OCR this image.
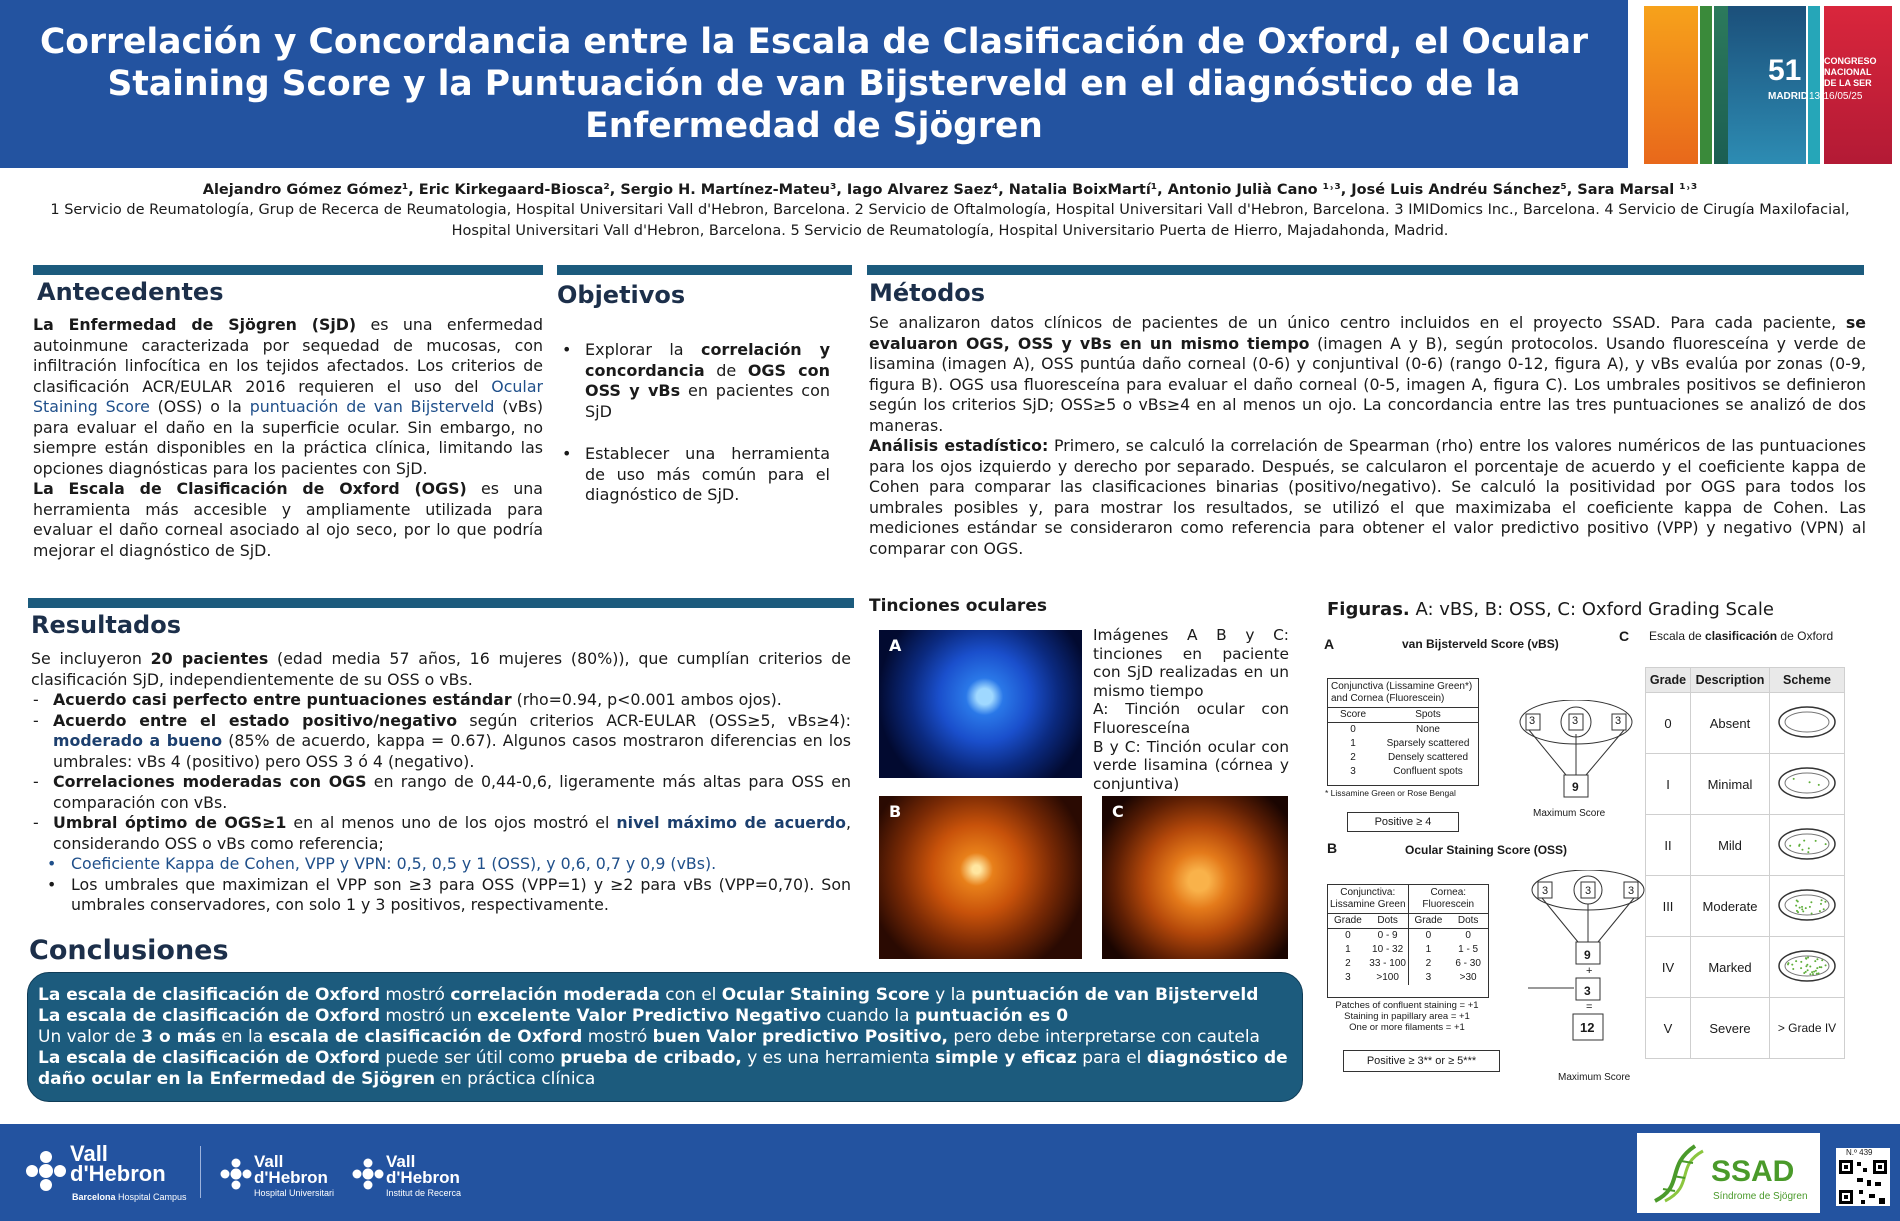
Correlación y Concordancia entre la Escala de Clasificación de Oxford, el Ocular Staining Score y la Puntuación de van Bijsterveld en el diagnóstico de la Enfermedad de Sjögren
51	CONGRESO
NACIONAL
DE LA SER
MADRID 13-16/05/25
Alejandro Gómez Gómez¹, Eric Kirkegaard-Biosca², Sergio H. Martínez-Mateu³, Iago Alvarez Saez⁴, Natalia BoixMartí¹, Antonio Julià Cano ¹˒³, José Luis Andréu Sánchez⁵, Sara Marsal ¹˒³
1 Servicio de Reumatología, Grup de Recerca de Reumatologia, Hospital Universitari Vall d'Hebron, Barcelona. 2 Servicio de Oftalmología, Hospital Universitari Vall d'Hebron, Barcelona. 3 IMIDomics Inc., Barcelona. 4 Servicio de Cirugía Maxilofacial, Hospital Universitari Vall d'Hebron, Barcelona. 5 Servicio de Reumatología, Hospital Universitario Puerta de Hierro, Majadahonda, Madrid.
Antecedentes
La Enfermedad de Sjögren (SjD) es una enfermedad autoinmune caracterizada por sequedad de mucosas, con infiltración linfocítica en los tejidos afectados. Los criterios de clasificación ACR/EULAR 2016 requieren el uso del Ocular Staining Score (OSS) o la puntuación de van Bijsterveld (vBs) para evaluar el daño en la superficie ocular. Sin embargo, no siempre están disponibles en la práctica clínica, limitando las opciones diagnósticas para los pacientes con SjD.
La Escala de Clasificación de Oxford (OGS) es una herramienta más accesible y ampliamente utilizada para evaluar el daño corneal asociado al ojo seco, por lo que podría mejorar el diagnóstico de SjD.
Objetivos
• Explorar la correlación y concordancia de OGS con OSS y vBs en pacientes con SjD
• Establecer una herramienta de uso más común para el diagnóstico de SjD.
Métodos
Se analizaron datos clínicos de pacientes de un único centro incluidos en el proyecto SSAD. Para cada paciente, se evaluaron OGS, OSS y vBs en un mismo tiempo (imagen A y B), según protocolos. Usando fluoresceína y verde de lisamina (imagen A), OSS puntúa daño corneal (0-6) y conjuntival (0-6) (rango 0-12, figura A), y vBs evalúa por zonas (0-9, figura B). OGS usa fluoresceína para evaluar el daño corneal (0-5, imagen A, figura C). Los umbrales positivos se definieron según los criterios SjD; OSS≥5 o vBs≥4 en al menos un ojo. La concordancia entre las tres puntuaciones se analizó de dos maneras.
Análisis estadístico: Primero, se calculó la correlación de Spearman (rho) entre los valores numéricos de las puntuaciones para los ojos izquierdo y derecho por separado. Después, se calcularon el porcentaje de acuerdo y el coeficiente kappa de Cohen para comparar las clasificaciones binarias (positivo/negativo). Se calculó la positividad por OGS para todos los umbrales posibles y, para mostrar los resultados, se utilizó el que maximizaba el coeficiente kappa de Cohen. Las mediciones estándar se consideraron como referencia para obtener el valor predictivo positivo (VPP) y negativo (VPN) al comparar con OGS.
Resultados
Se incluyeron 20 pacientes (edad media 57 años, 16 mujeres (80%)), que cumplían criterios de clasificación SjD, independientemente de su OSS o vBs.
- Acuerdo casi perfecto entre puntuaciones estándar (rho=0.94, p<0.001 ambos ojos).
- Acuerdo entre el estado positivo/negativo según criterios ACR-EULAR (OSS≥5, vBs≥4): moderado a bueno (85% de acuerdo, kappa = 0.67). Algunos casos mostraron diferencias en los umbrales: vBs 4 (positivo) pero OSS 3 ó 4 (negativo).
- Correlaciones moderadas con OGS en rango de 0,44-0,6, ligeramente más altas para OSS en comparación con vBs.
- Umbral óptimo de OGS≥1 en al menos uno de los ojos mostró el nivel máximo de acuerdo, considerando OSS o vBs como referencia;
• Coeficiente Kappa de Cohen, VPP y VPN: 0,5, 0,5 y 1 (OSS), y 0,6, 0,7 y 0,9 (vBs).
• Los umbrales que maximizan el VPP son ≥3 para OSS (VPP=1) y ≥2 para vBs (VPP=0,70). Son umbrales conservadores, con solo 1 y 3 positivos, respectivamente.
Tinciones oculares
A
B	C
Imágenes A B y C: tinciones en paciente con SjD realizadas en un mismo tiempo
A: Tinción ocular con Fluoresceína
B y C: Tinción ocular con verde lisamina (córnea y conjuntiva)
Figuras. A: vBS, B: OSS, C: Oxford Grading Scale
A	van Bijsterveld Score (vBS)
Conjunctiva (Lissamine Green*) and Cornea (Fluorescein)
Score	Spots
0	None
1	Sparsely scattered
2	Densely scattered
3	Confluent spots
* Lissamine Green or Rose Bengal
Positive ≥ 4
3	3	3
9
Maximum Score
B	Ocular Staining Score (OSS)
Conjunctiva: Lissamine Green
Cornea: Fluorescein
Grade	Dots	Grade	Dots
0	0 - 9	0	0
1	10 - 32	1	1 - 5
2	33 - 100	2	6 - 30
3	>100	3	>30
Patches of confluent staining = +1
Staining in papillary area = +1
One or more filaments = +1
Positive ≥ 3** or ≥ 5***
3	3	3
9
+
3
=
12
Maximum Score
C Escala de clasificación de Oxford
Grade	Description	Scheme
0	Absent	
I	Minimal	
II	Mild	
III	Moderate	
IV	Marked	
V	Severe	> Grade IV
Conclusiones

La escala de clasificación de Oxford mostró correlación moderada con el Ocular Staining Score y la puntuación de van Bijsterveld

La escala de clasificación de Oxford mostró un excelente Valor Predictivo Negativo cuando la puntuación es 0

Un valor de 3 o más en la escala de clasificación de Oxford mostró buen Valor predictivo Positivo, pero debe interpretarse con cautela

La escala de clasificación de Oxford puede ser útil como prueba de cribado, y es una herramienta simple y eficaz para el diagnóstico de daño ocular en la Enfermedad de Sjögren en práctica clínica

Vall
d'Hebron
Barcelona Hospital Campus
Vall
d'Hebron
Hospital Universitari
Vall
d'Hebron
Institut de Recerca
SSAD
Síndrome de Sjögren
N.º 439
